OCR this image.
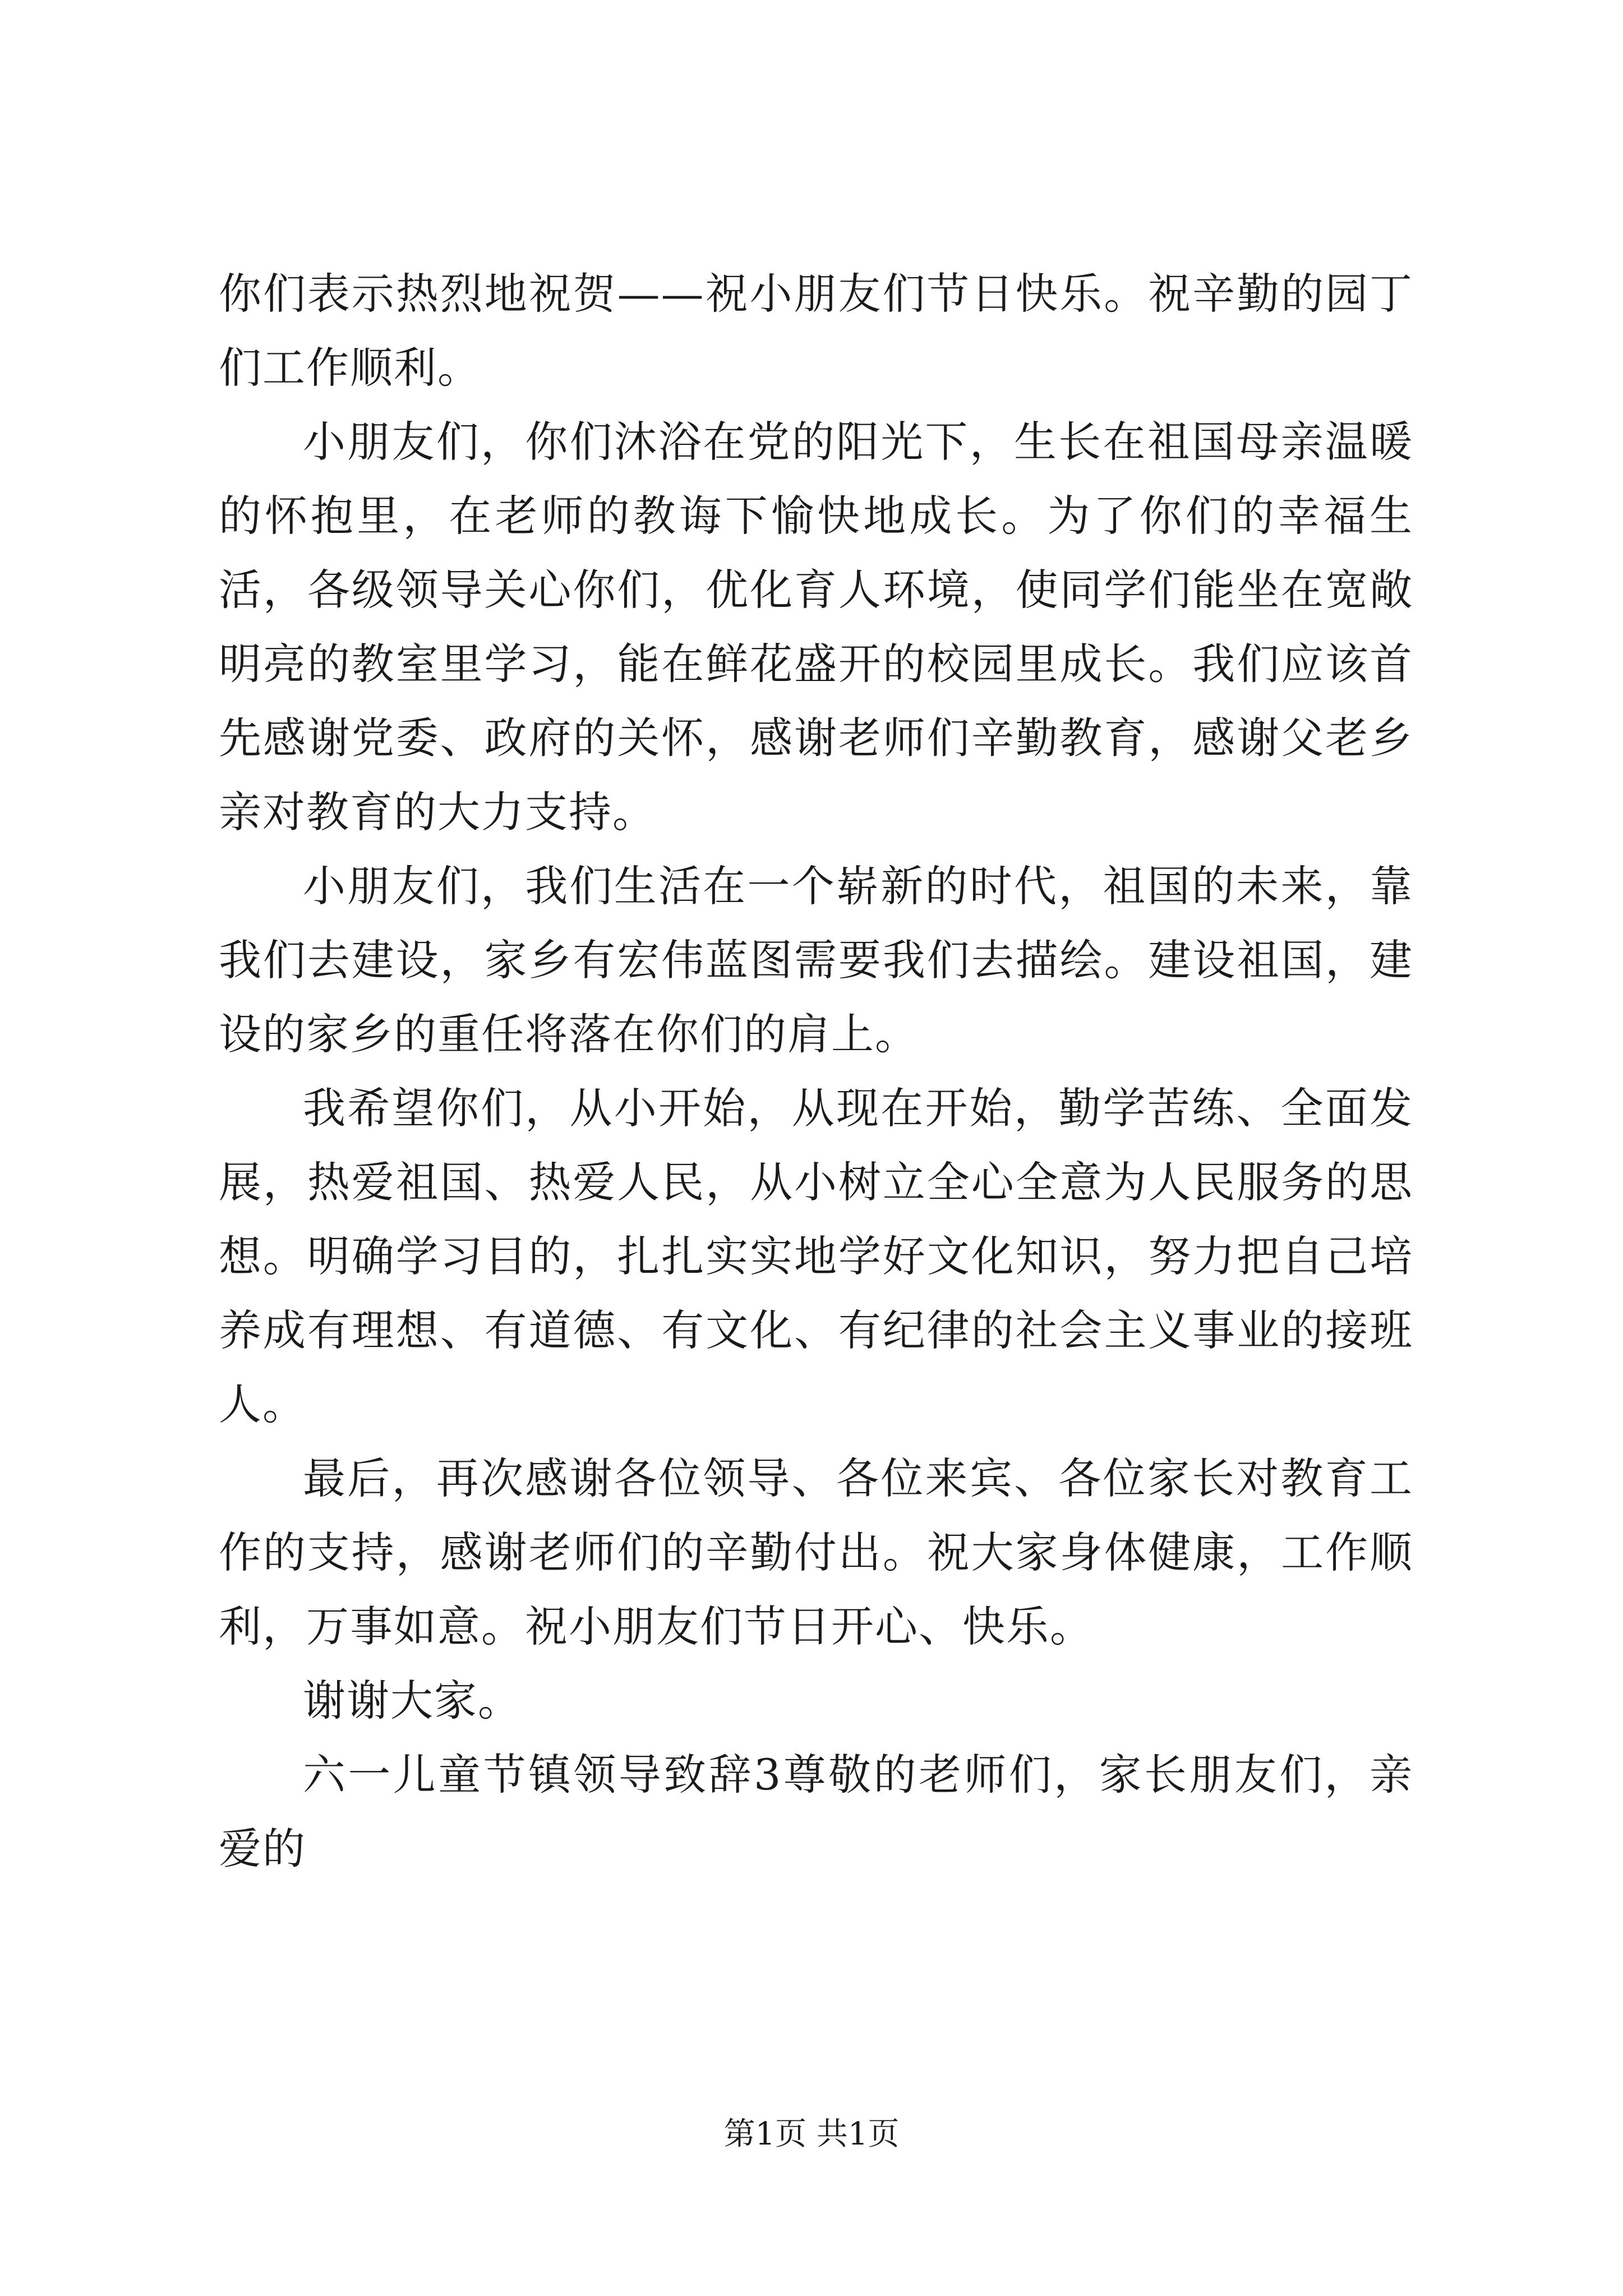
你们表示热烈地祝贺——祝小朋友们节日快乐。祝辛勤的园丁们工作顺利。

小朋友们，你们沐浴在党的阳光下，生长在祖国母亲温暖的怀抱里，在老师的教诲下愉快地成长。为了你们的幸福生活，各级领导关心你们，优化育人环境，使同学们能坐在宽敞明亮的教室里学习，能在鲜花盛开的校园里成长。我们应该首先感谢党委、政府的关怀，感谢老师们辛勤教育，感谢父老乡亲对教育的大力支持。

小朋友们，我们生活在一个崭新的时代，祖国的未来，靠我们去建设，家乡有宏伟蓝图需要我们去描绘。建设祖国，建设的家乡的重任将落在你们的肩上。

我希望你们，从小开始，从现在开始，勤学苦练、全面发展，热爱祖国、热爱人民，从小树立全心全意为人民服务的思想。明确学习目的，扎扎实实地学好文化知识，努力把自己培养成有理想、有道德、有文化、有纪律的社会主义事业的接班人。

最后，再次感谢各位领导、各位来宾、各位家长对教育工作的支持，感谢老师们的辛勤付出。祝大家身体健康，工作顺利，万事如意。祝小朋友们节日开心、快乐。

谢谢大家。

六一儿童节镇领导致辞3尊敬的老师们，家长朋友们，亲爱的

第1页 共1页
